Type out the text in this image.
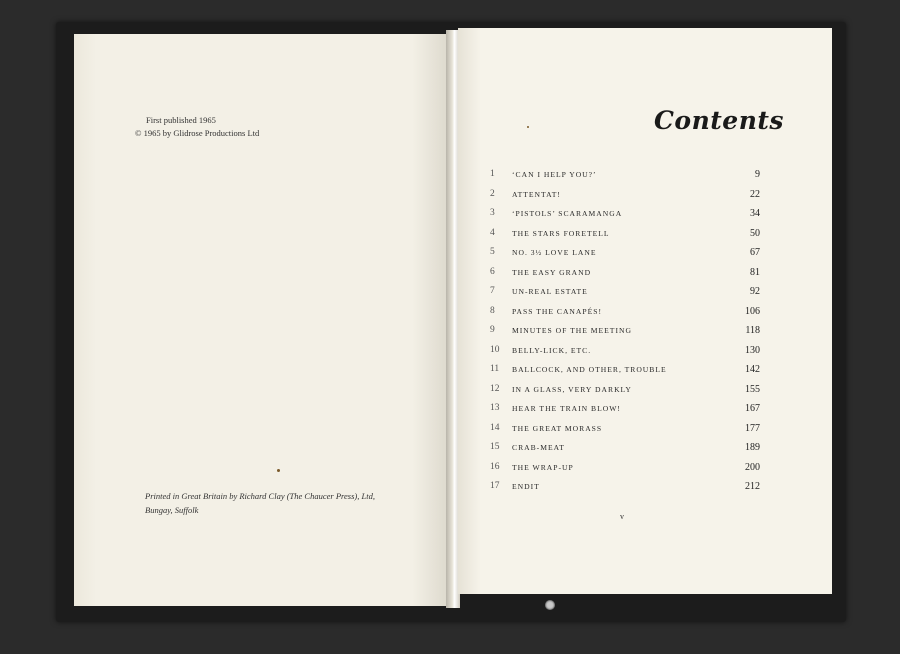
First published 1965
© 1965 by Glidrose Productions Ltd
Printed in Great Britain by Richard Clay (The Chaucer Press), Ltd,
Bungay, Suffolk
Contents
1	‘CAN I HELP YOU?’	9
2	ATTENTAT!	22
3	‘PISTOLS’ SCARAMANGA	34
4	THE STARS FORETELL	50
5	NO. 3½ LOVE LANE	67
6	THE EASY GRAND	81
7	UN-REAL ESTATE	92
8	PASS THE CANAPÉS!	106
9	MINUTES OF THE MEETING	118
10	BELLY-LICK, ETC.	130
11	BALLCOCK, AND OTHER, TROUBLE	142
12	IN A GLASS, VERY DARKLY	155
13	HEAR THE TRAIN BLOW!	167
14	THE GREAT MORASS	177
15	CRAB-MEAT	189
16	THE WRAP-UP	200
17	ENDIT	212
v
